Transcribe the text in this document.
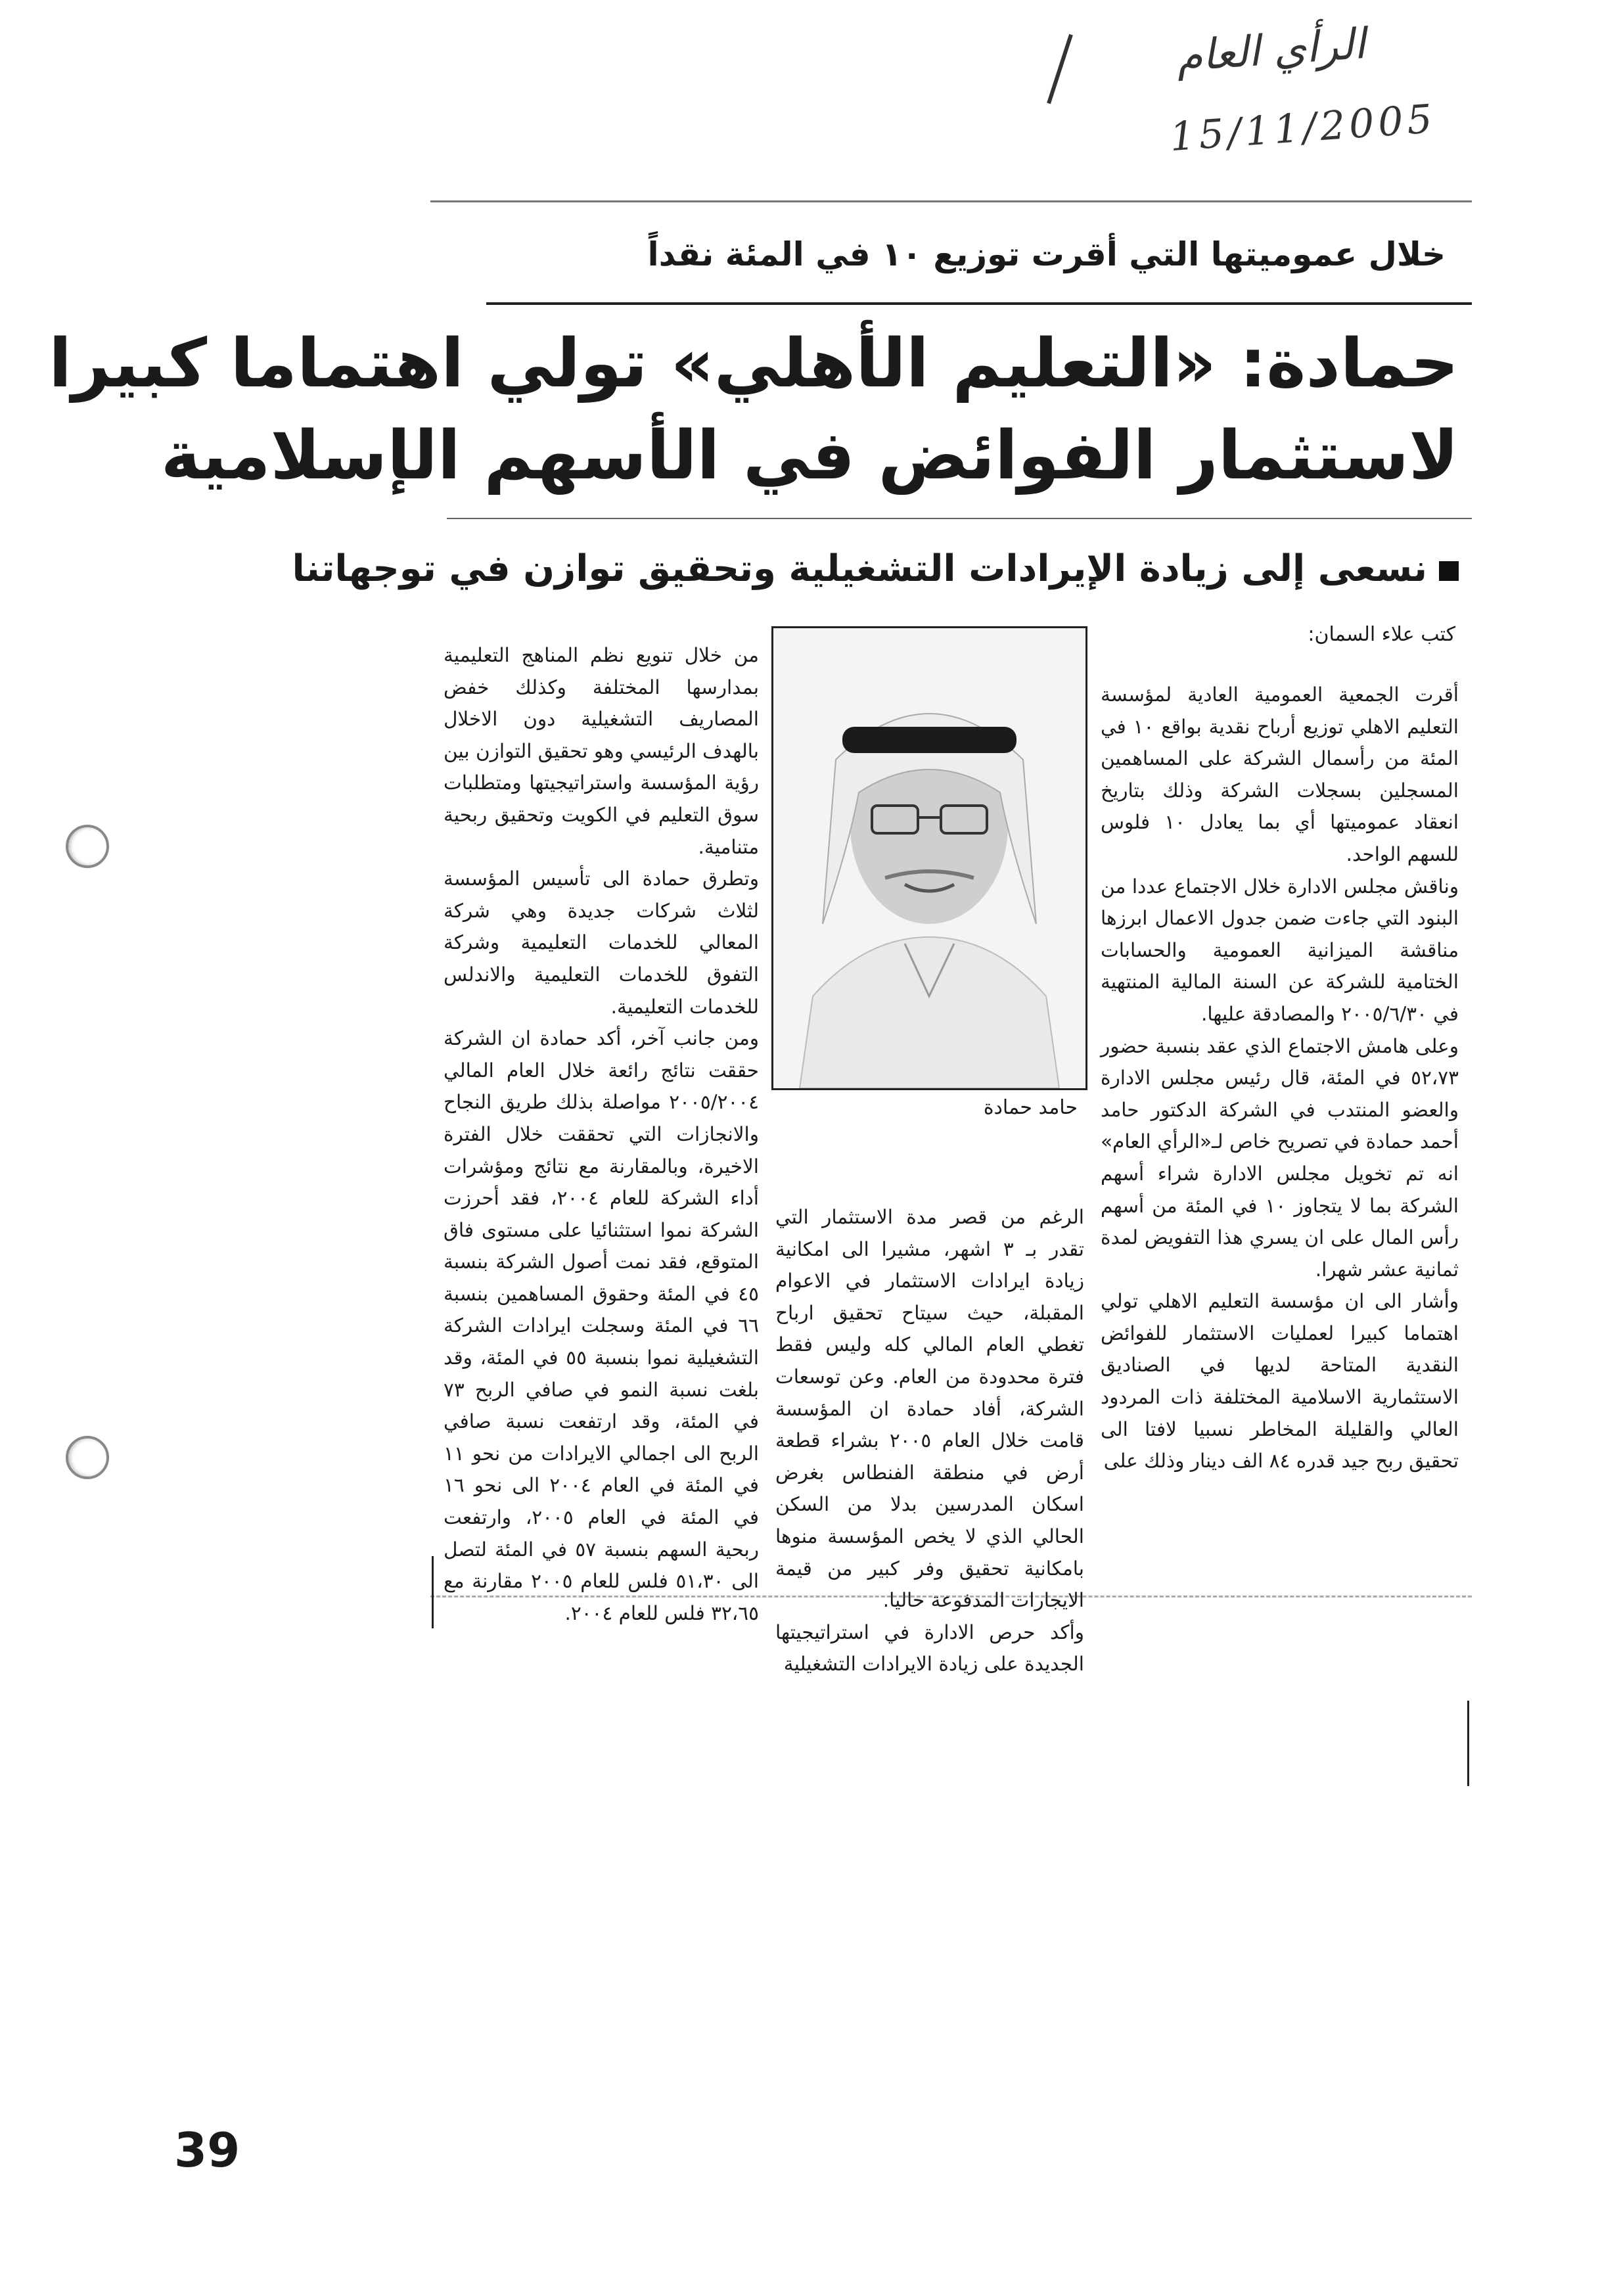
الرأي العام
15/11/2005
خلال عموميتها التي أقرت توزيع ١٠ في المئة نقداً
حمادة: «التعليم الأهلي» تولي اهتماما كبيرا
لاستثمار الفوائض في الأسهم الإسلامية
نسعى إلى زيادة الإيرادات التشغيلية وتحقيق توازن في توجهاتنا
كتب علاء السمان:

أقرت الجمعية العمومية العادية لمؤسسة التعليم الاهلي توزيع أرباح نقدية بواقع ١٠ في المئة من رأسمال الشركة على المساهمين المسجلين بسجلات الشركة وذلك بتاريخ انعقاد عموميتها أي بما يعادل ١٠ فلوس للسهم الواحد.

وناقش مجلس الادارة خلال الاجتماع عددا من البنود التي جاءت ضمن جدول الاعمال ابرزها مناقشة الميزانية العمومية والحسابات الختامية للشركة عن السنة المالية المنتهية في ٢٠٠٥/٦/٣٠ والمصادقة عليها.

وعلى هامش الاجتماع الذي عقد بنسبة حضور ٥٢،٧٣ في المئة، قال رئيس مجلس الادارة والعضو المنتدب في الشركة الدكتور حامد أحمد حمادة في تصريح خاص لـ«الرأي العام» انه تم تخويل مجلس الادارة شراء أسهم الشركة بما لا يتجاوز ١٠ في المئة من أسهم رأس المال على ان يسري هذا التفويض لمدة ثمانية عشر شهرا.

وأشار الى ان مؤسسة التعليم الاهلي تولي اهتماما كبيرا لعمليات الاستثمار للفوائض النقدية المتاحة لديها في الصناديق الاستثمارية الاسلامية المختلفة ذات المردود العالي والقليلة المخاطر نسبيا لافتا الى تحقيق ربح جيد قدره ٨٤ الف دينار وذلك على

حامد حمادة

الرغم من قصر مدة الاستثمار التي تقدر بـ ٣ اشهر، مشيرا الى امكانية زيادة ايرادات الاستثمار في الاعوام المقبلة، حيث سيتاح تحقيق ارباح تغطي العام المالي كله وليس فقط فترة محدودة من العام. وعن توسعات الشركة، أفاد حمادة ان المؤسسة قامت خلال العام ٢٠٠٥ بشراء قطعة أرض في منطقة الفنطاس بغرض اسكان المدرسين بدلا من السكن الحالي الذي لا يخص المؤسسة منوها بامكانية تحقيق وفر كبير من قيمة الايجارات المدفوعة حاليا.

وأكد حرص الادارة في استراتيجيتها الجديدة على زيادة الايرادات التشغيلية

من خلال تنويع نظم المناهج التعليمية بمدارسها المختلفة وكذلك خفض المصاريف التشغيلية دون الاخلال بالهدف الرئيسي وهو تحقيق التوازن بين رؤية المؤسسة واستراتيجيتها ومتطلبات سوق التعليم في الكويت وتحقيق ربحية متنامية.

وتطرق حمادة الى تأسيس المؤسسة لثلاث شركات جديدة وهي شركة المعالي للخدمات التعليمية وشركة التفوق للخدمات التعليمية والاندلس للخدمات التعليمية.

ومن جانب آخر، أكد حمادة ان الشركة حققت نتائج رائعة خلال العام المالي ٢٠٠٥/٢٠٠٤ مواصلة بذلك طريق النجاح والانجازات التي تحققت خلال الفترة الاخيرة، وبالمقارنة مع نتائج ومؤشرات أداء الشركة للعام ٢٠٠٤، فقد أحرزت الشركة نموا استثنائيا على مستوى فاق المتوقع، فقد نمت أصول الشركة بنسبة ٤٥ في المئة وحقوق المساهمين بنسبة ٦٦ في المئة وسجلت ايرادات الشركة التشغيلية نموا بنسبة ٥٥ في المئة، وقد بلغت نسبة النمو في صافي الربح ٧٣ في المئة، وقد ارتفعت نسبة صافي الربح الى اجمالي الايرادات من نحو ١١ في المئة في العام ٢٠٠٤ الى نحو ١٦ في المئة في العام ٢٠٠٥، وارتفعت ربحية السهم بنسبة ٥٧ في المئة لتصل الى ٥١،٣٠ فلس للعام ٢٠٠٥ مقارنة مع ٣٢،٦٥ فلس للعام ٢٠٠٤.

39
